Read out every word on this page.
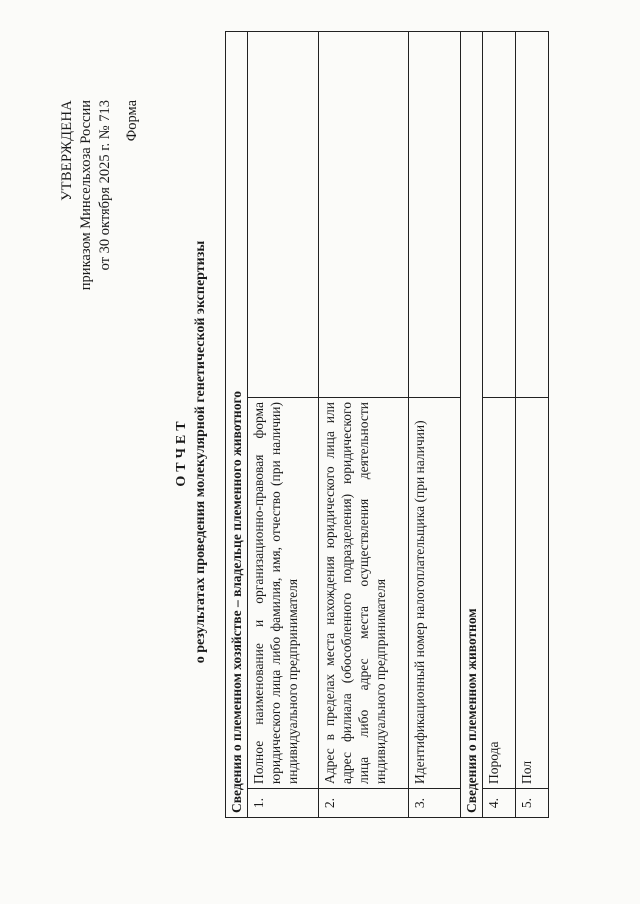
УТВЕРЖДЕНА приказом Минсельхоза России от 30 октября 2025 г. № 713 Форма
ОТЧЕТ о результатах проведения молекулярной генетической экспертизы Сведения о племенном хозяйстве – владельце племенного животного		
1.	Полное наименование и организационно-правовая форма юридического лица либо фамилия, имя, отчество (при наличии) индивидуального предпринимателя	
2.	Адрес в пределах места нахождения юридического лица или адрес филиала (обособленного подразделения) юридического лица либо адрес места осуществления деятельности индивидуального предпринимателя	
3.	Идентификационный номер налогоплательщика (при наличии)	
Сведения о племенном животном		
4.	Порода	
5.	Пол	
